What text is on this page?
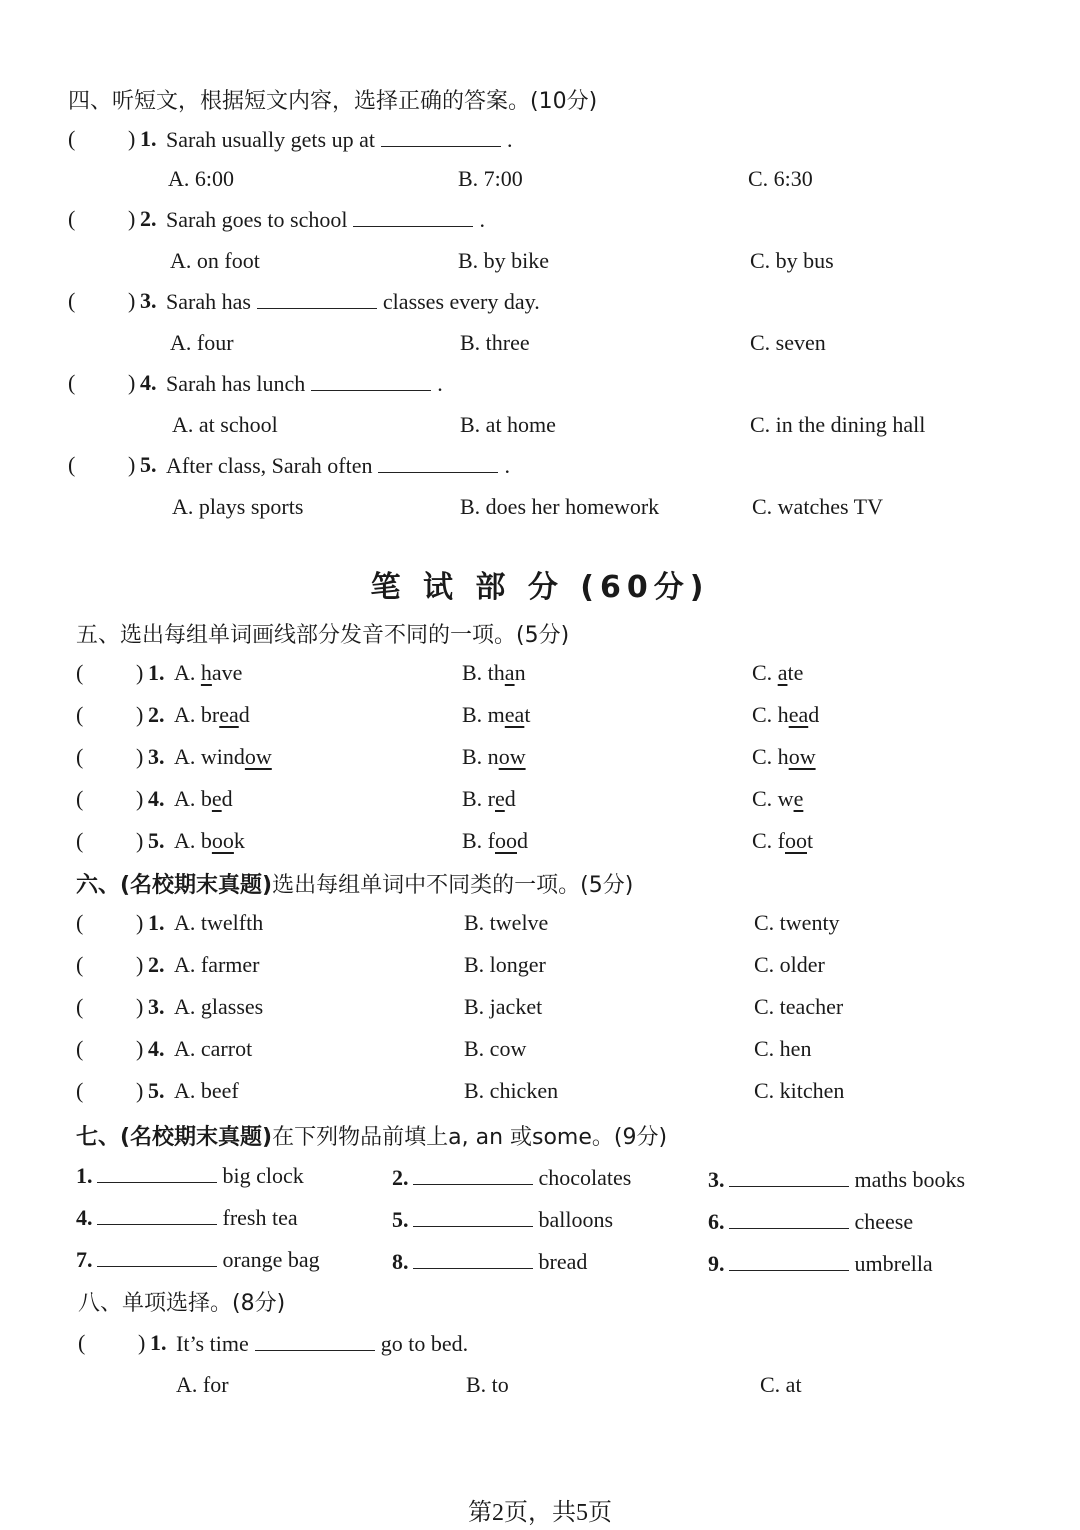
四、听短文，根据短文内容，选择正确的答案。(10分)
( ) 1. Sarah usually gets up at	.
A. 6:00	B. 7:00	C. 6:30
( ) 2. Sarah goes to school	.
A. on foot	B. by bike	C. by bus
( ) 3. Sarah has	classes every day.
A. four	B. three	C. seven
( ) 4. Sarah has lunch	.
A. at school	B. at home	C. in the dining hall
( ) 5. After class, Sarah often	.
A. plays sports	B. does her homework	C. watches TV
笔 试 部 分 (60分)
五、选出每组单词画线部分发音不同的一项。(5分)
( ) 1. A. have	B. than	C. ate
( ) 2. A. bread	B. meat	C. head
( ) 3. A. window	B. now	C. how
( ) 4. A. bed	B. red	C. we
( ) 5. A. book	B. food	C. foot
六、(名校期末真题)选出每组单词中不同类的一项。(5分)
( ) 1. A. twelfth	B. twelve	C. twenty
( ) 2. A. farmer	B. longer	C. older
( ) 3. A. glasses	B. jacket	C. teacher
( ) 4. A. carrot	B. cow	C. hen
( ) 5. A. beef	B. chicken	C. kitchen
七、(名校期末真题)在下列物品前填上a, an 或some。(9分)
1.	big clock	2.	chocolates	3.	maths books
4.	fresh tea	5.	balloons	6.	cheese
7.	orange bag	8.	bread	9.	umbrella
八、单项选择。(8分)
( ) 1. It’s time	go to bed.
A. for	B. to	C. at
第2页，共5页
